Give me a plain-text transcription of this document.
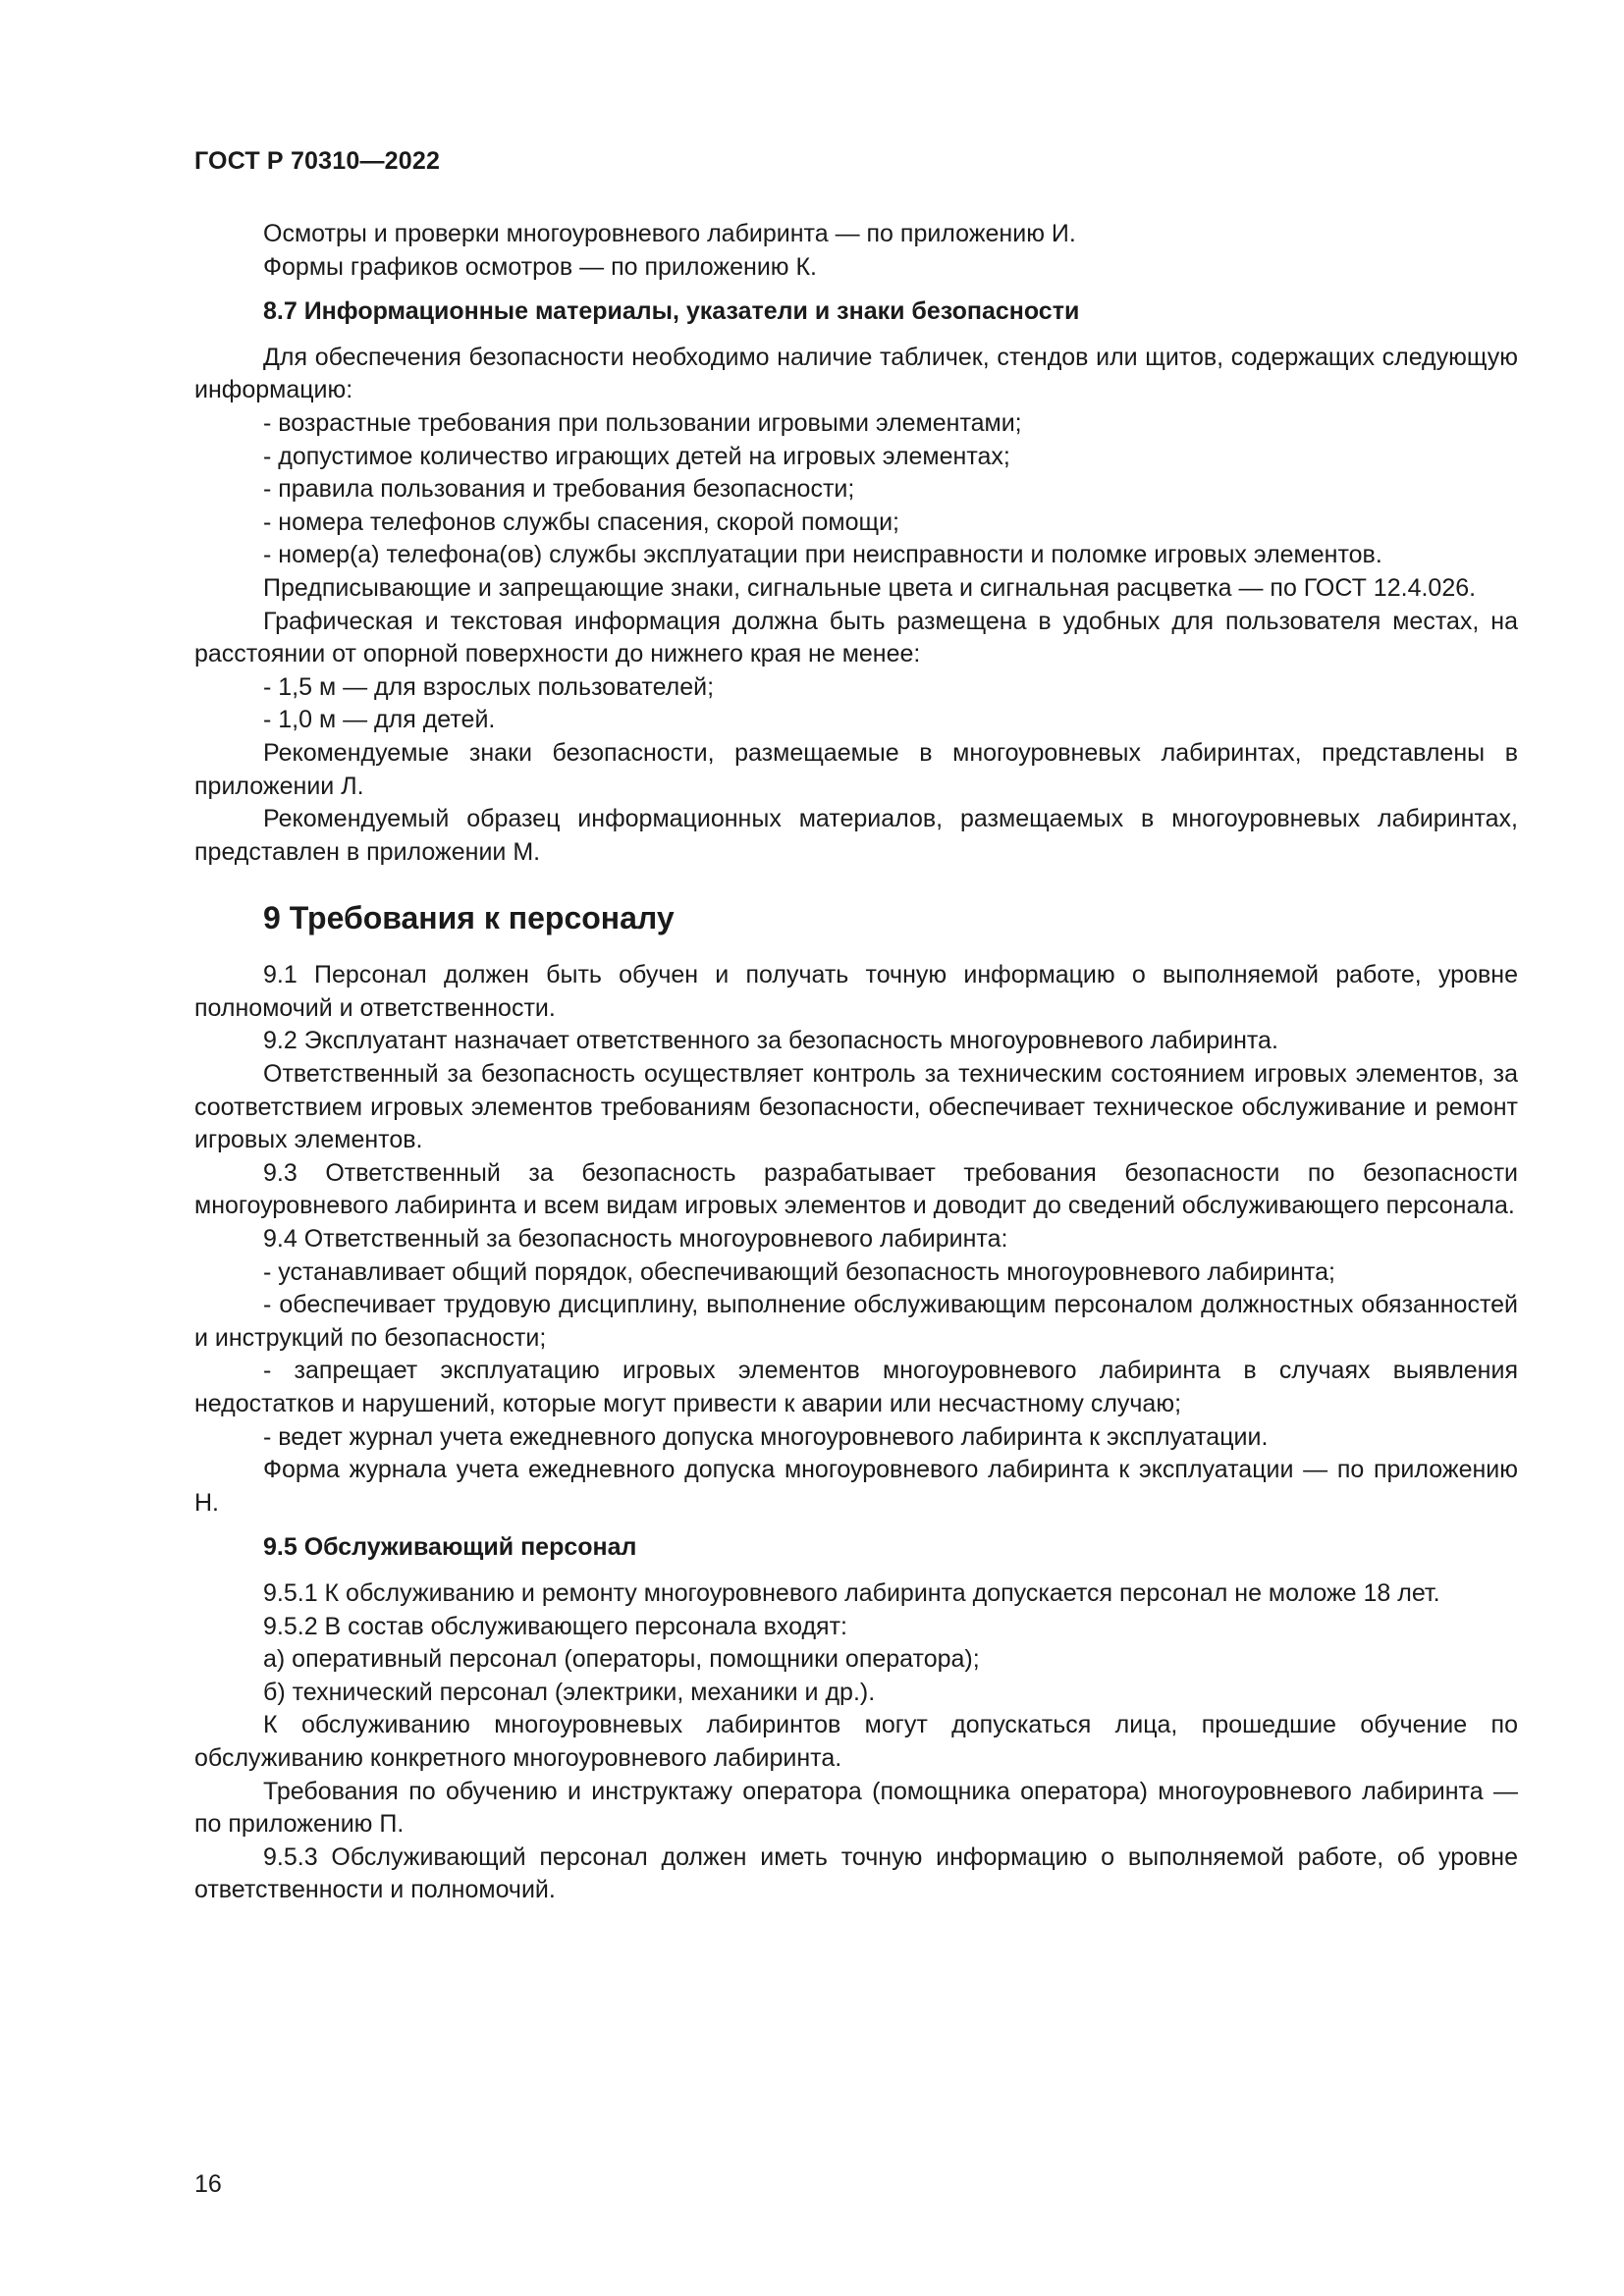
ГОСТ Р 70310—2022

Осмотры и проверки многоуровневого лабиринта — по приложению И.

Формы графиков осмотров — по приложению К.

8.7 Информационные материалы, указатели и знаки безопасности

Для обеспечения безопасности необходимо наличие табличек, стендов или щитов, содержащих следующую информацию:

- возрастные требования при пользовании игровыми элементами;

- допустимое количество играющих детей на игровых элементах;

- правила пользования и требования безопасности;

- номера телефонов службы спасения, скорой помощи;

- номер(а) телефона(ов) службы эксплуатации при неисправности и поломке игровых элементов.

Предписывающие и запрещающие знаки, сигнальные цвета и сигнальная расцветка — по ГОСТ 12.4.026.

Графическая и текстовая информация должна быть размещена в удобных для пользователя местах, на расстоянии от опорной поверхности до нижнего края не менее:

- 1,5 м — для взрослых пользователей;

- 1,0 м — для детей.

Рекомендуемые знаки безопасности, размещаемые в многоуровневых лабиринтах, представлены в приложении Л.

Рекомендуемый образец информационных материалов, размещаемых в многоуровневых лабиринтах, представлен в приложении М.

9 Требования к персоналу

9.1 Персонал должен быть обучен и получать точную информацию о выполняемой работе, уровне полномочий и ответственности.

9.2 Эксплуатант назначает ответственного за безопасность многоуровневого лабиринта.

Ответственный за безопасность осуществляет контроль за техническим состоянием игровых элементов, за соответствием игровых элементов требованиям безопасности, обеспечивает техническое обслуживание и ремонт игровых элементов.

9.3 Ответственный за безопасность разрабатывает требования безопасности по безопасности многоуровневого лабиринта и всем видам игровых элементов и доводит до сведений обслуживающего персонала.

9.4 Ответственный за безопасность многоуровневого лабиринта:

- устанавливает общий порядок, обеспечивающий безопасность многоуровневого лабиринта;

- обеспечивает трудовую дисциплину, выполнение обслуживающим персоналом должностных обязанностей и инструкций по безопасности;

- запрещает эксплуатацию игровых элементов многоуровневого лабиринта в случаях выявления недостатков и нарушений, которые могут привести к аварии или несчастному случаю;

- ведет журнал учета ежедневного допуска многоуровневого лабиринта к эксплуатации.

Форма журнала учета ежедневного допуска многоуровневого лабиринта к эксплуатации — по приложению Н.

9.5 Обслуживающий персонал

9.5.1 К обслуживанию и ремонту многоуровневого лабиринта допускается персонал не моложе 18 лет.

9.5.2 В состав обслуживающего персонала входят:

а) оперативный персонал (операторы, помощники оператора);

б) технический персонал (электрики, механики и др.).

К обслуживанию многоуровневых лабиринтов могут допускаться лица, прошедшие обучение по обслуживанию конкретного многоуровневого лабиринта.

Требования по обучению и инструктажу оператора (помощника оператора) многоуровневого лабиринта — по приложению П.

9.5.3 Обслуживающий персонал должен иметь точную информацию о выполняемой работе, об уровне ответственности и полномочий.

16
